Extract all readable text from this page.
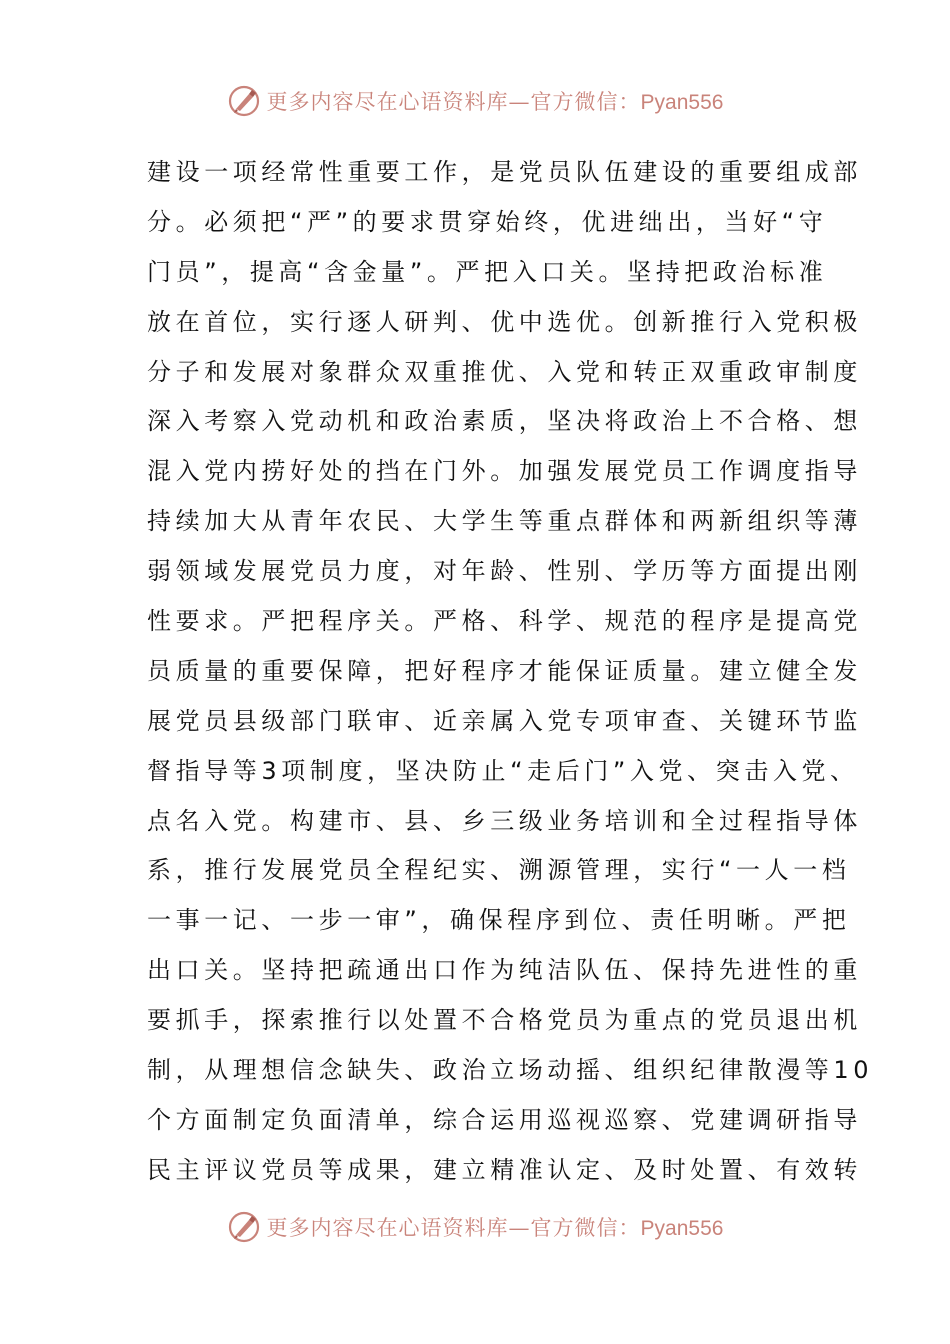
更多内容尽在心语资料库—官方微信：Pyan556
建设一项经常性重要工作，是党员队伍建设的重要组成部
分。必须把“严”的要求贯穿始终，优进绌出，当好“守
门员”，提高“含金量”。严把入口关。坚持把政治标准
放在首位，实行逐人研判、优中选优。创新推行入党积极
分子和发展对象群众双重推优、入党和转正双重政审制度
深入考察入党动机和政治素质，坚决将政治上不合格、想
混入党内捞好处的挡在门外。加强发展党员工作调度指导
持续加大从青年农民、大学生等重点群体和两新组织等薄
弱领域发展党员力度，对年龄、性别、学历等方面提出刚
性要求。严把程序关。严格、科学、规范的程序是提高党
员质量的重要保障，把好程序才能保证质量。建立健全发
展党员县级部门联审、近亲属入党专项审查、关键环节监
督指导等3项制度，坚决防止“走后门”入党、突击入党、
点名入党。构建市、县、乡三级业务培训和全过程指导体
系，推行发展党员全程纪实、溯源管理，实行“一人一档
一事一记、一步一审”，确保程序到位、责任明晰。严把
出口关。坚持把疏通出口作为纯洁队伍、保持先进性的重
要抓手，探索推行以处置不合格党员为重点的党员退出机
制，从理想信念缺失、政治立场动摇、组织纪律散漫等10
个方面制定负面清单，综合运用巡视巡察、党建调研指导
民主评议党员等成果，建立精准认定、及时处置、有效转
更多内容尽在心语资料库—官方微信：Pyan556
